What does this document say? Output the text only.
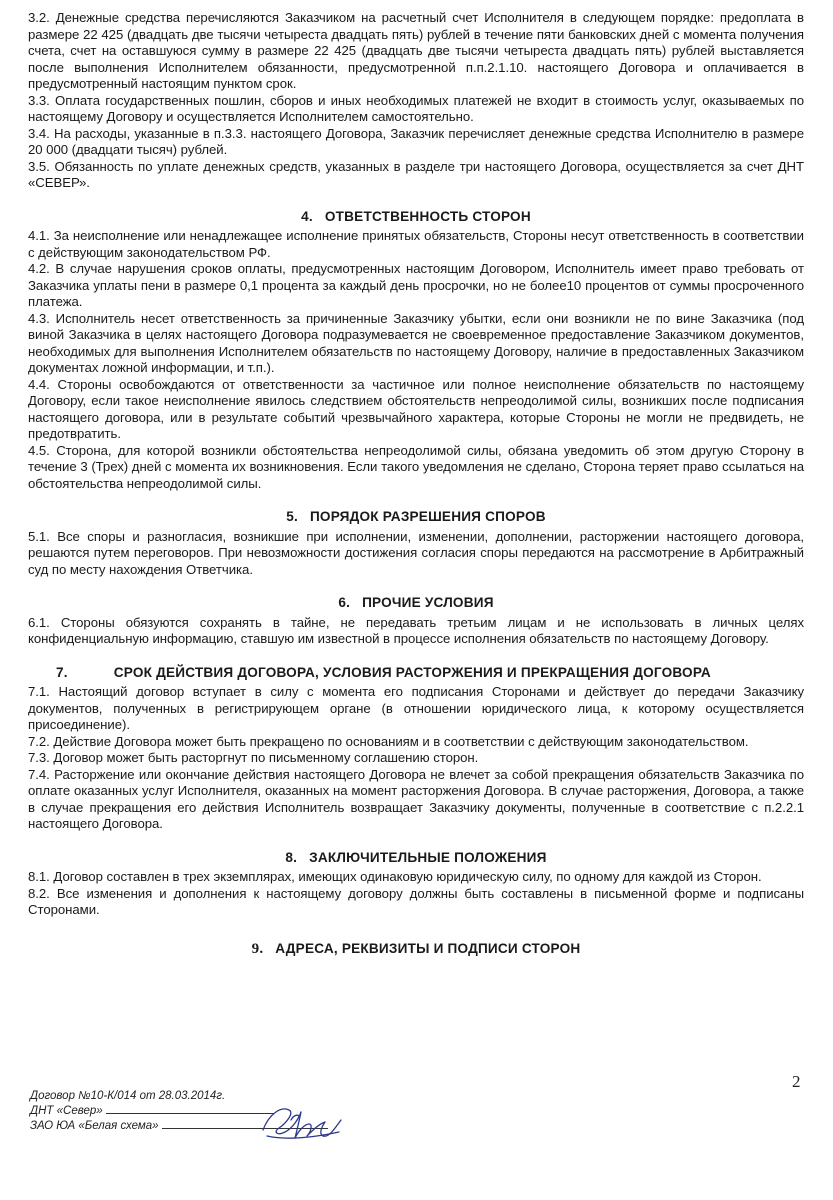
3.2. Денежные средства перечисляются Заказчиком на расчетный счет Исполнителя в следующем порядке: предоплата в размере 22 425 (двадцать две тысячи четыреста двадцать пять) рублей в течение пяти банковских дней с момента получения счета, счет на оставшуюся сумму в размере 22 425 (двадцать две тысячи четыреста двадцать пять) рублей выставляется после выполнения Исполнителем обязанности, предусмотренной п.п.2.1.10. настоящего Договора и оплачивается в предусмотренный настоящим пунктом срок.

3.3. Оплата государственных пошлин, сборов и иных необходимых платежей не входит в стоимость услуг, оказываемых по настоящему Договору и осуществляется Исполнителем самостоятельно.

3.4. На расходы, указанные в п.3.3. настоящего Договора, Заказчик перечисляет денежные средства Исполнителю в размере 20 000 (двадцати тысяч) рублей.

3.5. Обязанность по уплате денежных средств, указанных в разделе три настоящего Договора, осуществляется за счет ДНТ «СЕВЕР».

4. ОТВЕТСТВЕННОСТЬ СТОРОН

4.1. За неисполнение или ненадлежащее исполнение принятых обязательств, Стороны несут ответственность в соответствии с действующим законодательством РФ.

4.2. В случае нарушения сроков оплаты, предусмотренных настоящим Договором, Исполнитель имеет право требовать от Заказчика уплаты пени в размере 0,1 процента за каждый день просрочки, но не более10 процентов от суммы просроченного платежа.

4.3. Исполнитель несет ответственность за причиненные Заказчику убытки, если они возникли не по вине Заказчика (под виной Заказчика в целях настоящего Договора подразумевается не своевременное предоставление Заказчиком документов, необходимых для выполнения Исполнителем обязательств по настоящему Договору, наличие в предоставленных Заказчиком документах ложной информации, и т.п.).

4.4. Стороны освобождаются от ответственности за частичное или полное неисполнение обязательств по настоящему Договору, если такое неисполнение явилось следствием обстоятельств непреодолимой силы, возникших после подписания настоящего договора, или в результате событий чрезвычайного характера, которые Стороны не могли не предвидеть, не предотвратить.

4.5. Сторона, для которой возникли обстоятельства непреодолимой силы, обязана уведомить об этом другую Сторону в течение 3 (Трех) дней с момента их возникновения. Если такого уведомления не сделано, Сторона теряет право ссылаться на обстоятельства непреодолимой силы.

5. ПОРЯДОК РАЗРЕШЕНИЯ СПОРОВ

5.1. Все споры и разногласия, возникшие при исполнении, изменении, дополнении, расторжении настоящего договора, решаются путем переговоров. При невозможности достижения согласия споры передаются на рассмотрение в Арбитражный суд по месту нахождения Ответчика.

6. ПРОЧИЕ УСЛОВИЯ

6.1. Стороны обязуются сохранять в тайне, не передавать третьим лицам и не использовать в личных целях конфиденциальную информацию, ставшую им известной в процессе исполнения обязательств по настоящему Договору.

7.	СРОК ДЕЙСТВИЯ ДОГОВОРА, УСЛОВИЯ РАСТОРЖЕНИЯ И ПРЕКРАЩЕНИЯ ДОГОВОРА

7.1. Настоящий договор вступает в силу с момента его подписания Сторонами и действует до передачи Заказчику документов, полученных в регистрирующем органе (в отношении юридического лица, к которому осуществляется присоединение).

7.2. Действие Договора может быть прекращено по основаниям и в соответствии с действующим законодательством.

7.3. Договор может быть расторгнут по письменному соглашению сторон.

7.4. Расторжение или окончание действия настоящего Договора не влечет за собой прекращения обязательств Заказчика по оплате оказанных услуг Исполнителя, оказанных на момент расторжения Договора. В случае расторжения, Договора, а также в случае прекращения его действия Исполнитель возвращает Заказчику документы, полученные в соответствие с п.2.2.1 настоящего Договора.

8. ЗАКЛЮЧИТЕЛЬНЫЕ ПОЛОЖЕНИЯ

8.1. Договор составлен в трех экземплярах, имеющих одинаковую юридическую силу, по одному для каждой из Сторон.

8.2. Все изменения и дополнения к настоящему договору должны быть составлены в письменной форме и подписаны Сторонами.

9. АДРЕСА, РЕКВИЗИТЫ И ПОДПИСИ СТОРОН
2
Договор №10-К/014 от 28.03.2014г.
ДНТ «Север»
ЗАО ЮА «Белая схема»
